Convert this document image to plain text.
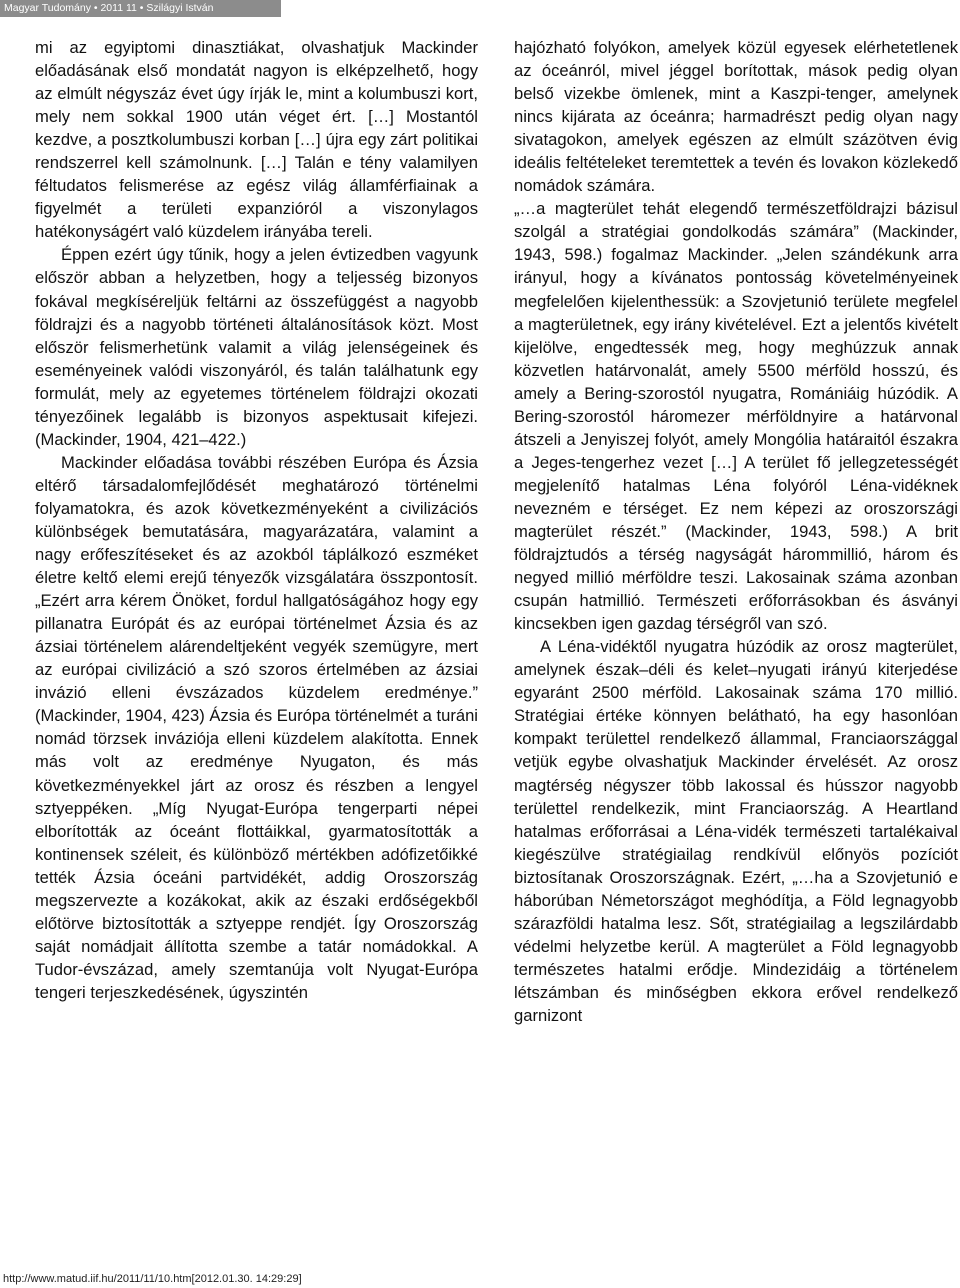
Magyar Tudomány • 2011 11 • Szilágyi István

mi az egyiptomi dinasztiákat, olvashatjuk Mackinder előadásának első mondatát nagyon is elképzelhető, hogy az elmúlt négyszáz évet úgy írják le, mint a kolumbuszi kort, mely nem sokkal 1900 után véget ért. […] Mostantól kezdve, a posztkolumbuszi korban […] újra egy zárt politikai rendszerrel kell számolnunk. […] Talán e tény valamilyen féltudatos felismerése az egész világ államférfiainak a figyelmét a területi expanzióról a viszonylagos hatékonyságért való küzdelem irányába tereli.

Éppen ezért úgy tűnik, hogy a jelen évtizedben vagyunk először abban a helyzetben, hogy a teljesség bizonyos fokával megkíséreljük feltárni az összefüggést a nagyobb földrajzi és a nagyobb történeti általánosítások közt. Most először felismerhetünk valamit a világ jelenségeinek és eseményeinek valódi viszonyáról, és talán találhatunk egy formulát, mely az egyetemes történelem földrajzi okozati tényezőinek legalább is bizonyos aspektusait kifejezi. (Mackinder, 1904, 421–422.)

Mackinder előadása további részében Európa és Ázsia eltérő társadalomfejlődését meghatározó történelmi folyamatokra, és azok következményeként a civilizációs különbségek bemutatására, magyarázatára, valamint a nagy erőfeszítéseket és az azokból táplálkozó eszméket életre keltő elemi erejű tényezők vizsgálatára összpontosít. „Ezért arra kérem Önöket, fordul hallgatóságához hogy egy pillanatra Európát és az európai történelmet Ázsia és az ázsiai történelem alárendeltjeként vegyék szemügyre, mert az európai civilizáció a szó szoros értelmében az ázsiai invázió elleni évszázados küzdelem eredménye.” (Mackinder, 1904, 423) Ázsia és Európa történelmét a turáni nomád törzsek inváziója elleni küzdelem alakította. Ennek más volt az eredménye Nyugaton, és más következményekkel járt az orosz és részben a lengyel sztyeppéken. „Míg Nyugat-Európa tengerparti népei elborították az óceánt flottáikkal, gyarmatosították a kontinensek széleit, és különböző mértékben adófizetőikké tették Ázsia óceáni partvidékét, addig Oroszország megszervezte a kozákokat, akik az északi erdőségekből előtörve biztosították a sztyeppe rendjét. Így Oroszország saját nomádjait állította szembe a tatár nomádokkal. A Tudor-évszázad, amely szemtanúja volt Nyugat-Európa tengeri terjeszkedésének, úgyszintén

hajózható folyókon, amelyek közül egyesek elérhetetlenek az óceánról, mivel jéggel borítottak, mások pedig olyan belső vizekbe ömlenek, mint a Kaszpi-tenger, amelynek nincs kijárata az óceánra; harmadrészt pedig olyan nagy sivatagokon, amelyek egészen az elmúlt százötven évig ideális feltételeket teremtettek a tevén és lovakon közlekedő nomádok számára.

„…a magterület tehát elegendő természetföldrajzi bázisul szolgál a stratégiai gondolkodás számára” (Mackinder, 1943, 598.) fogalmaz Mackinder. „Jelen szándékunk arra irányul, hogy a kívánatos pontosság követelményeinek megfelelően kijelenthessük: a Szovjetunió területe megfelel a magterületnek, egy irány kivételével. Ezt a jelentős kivételt kijelölve, engedtessék meg, hogy meghúzzuk annak közvetlen határvonalát, amely 5500 mérföld hosszú, és amely a Bering-szorostól nyugatra, Romániáig húzódik. A Bering-szorostól háromezer mérföldnyire a határvonal átszeli a Jenyiszej folyót, amely Mongólia határaitól északra a Jeges-tengerhez vezet […] A terület fő jellegzetességét megjelenítő hatalmas Léna folyóról Léna-vidéknek nevezném e térséget. Ez nem képezi az oroszországi magterület részét.” (Mackinder, 1943, 598.) A brit földrajztudós a térség nagyságát hárommillió, három és negyed millió mérföldre teszi. Lakosainak száma azonban csupán hatmillió. Természeti erőforrásokban és ásványi kincsekben igen gazdag térségről van szó.

A Léna-vidéktől nyugatra húzódik az orosz magterület, amelynek észak–déli és kelet–nyugati irányú kiterjedése egyaránt 2500 mérföld. Lakosainak száma 170 millió. Stratégiai értéke könnyen belátható, ha egy hasonlóan kompakt területtel rendelkező állammal, Franciaországgal vetjük egybe olvashatjuk Mackinder érvelését. Az orosz magtérség négyszer több lakossal és hússzor nagyobb területtel rendelkezik, mint Franciaország. A Heartland hatalmas erőforrásai a Léna-vidék természeti tartalékaival kiegészülve stratégiailag rendkívül előnyös pozíciót biztosítanak Oroszországnak. Ezért, „…ha a Szovjetunió e háborúban Németországot meghódítja, a Föld legnagyobb szárazföldi hatalma lesz. Sőt, stratégiailag a legszilárdabb védelmi helyzetbe kerül. A magterület a Föld legnagyobb természetes hatalmi erődje. Mindezidáig a történelem létszámban és minőségben ekkora erővel rendelkező garnizont

http://www.matud.iif.hu/2011/11/10.htm[2012.01.30. 14:29:29]
